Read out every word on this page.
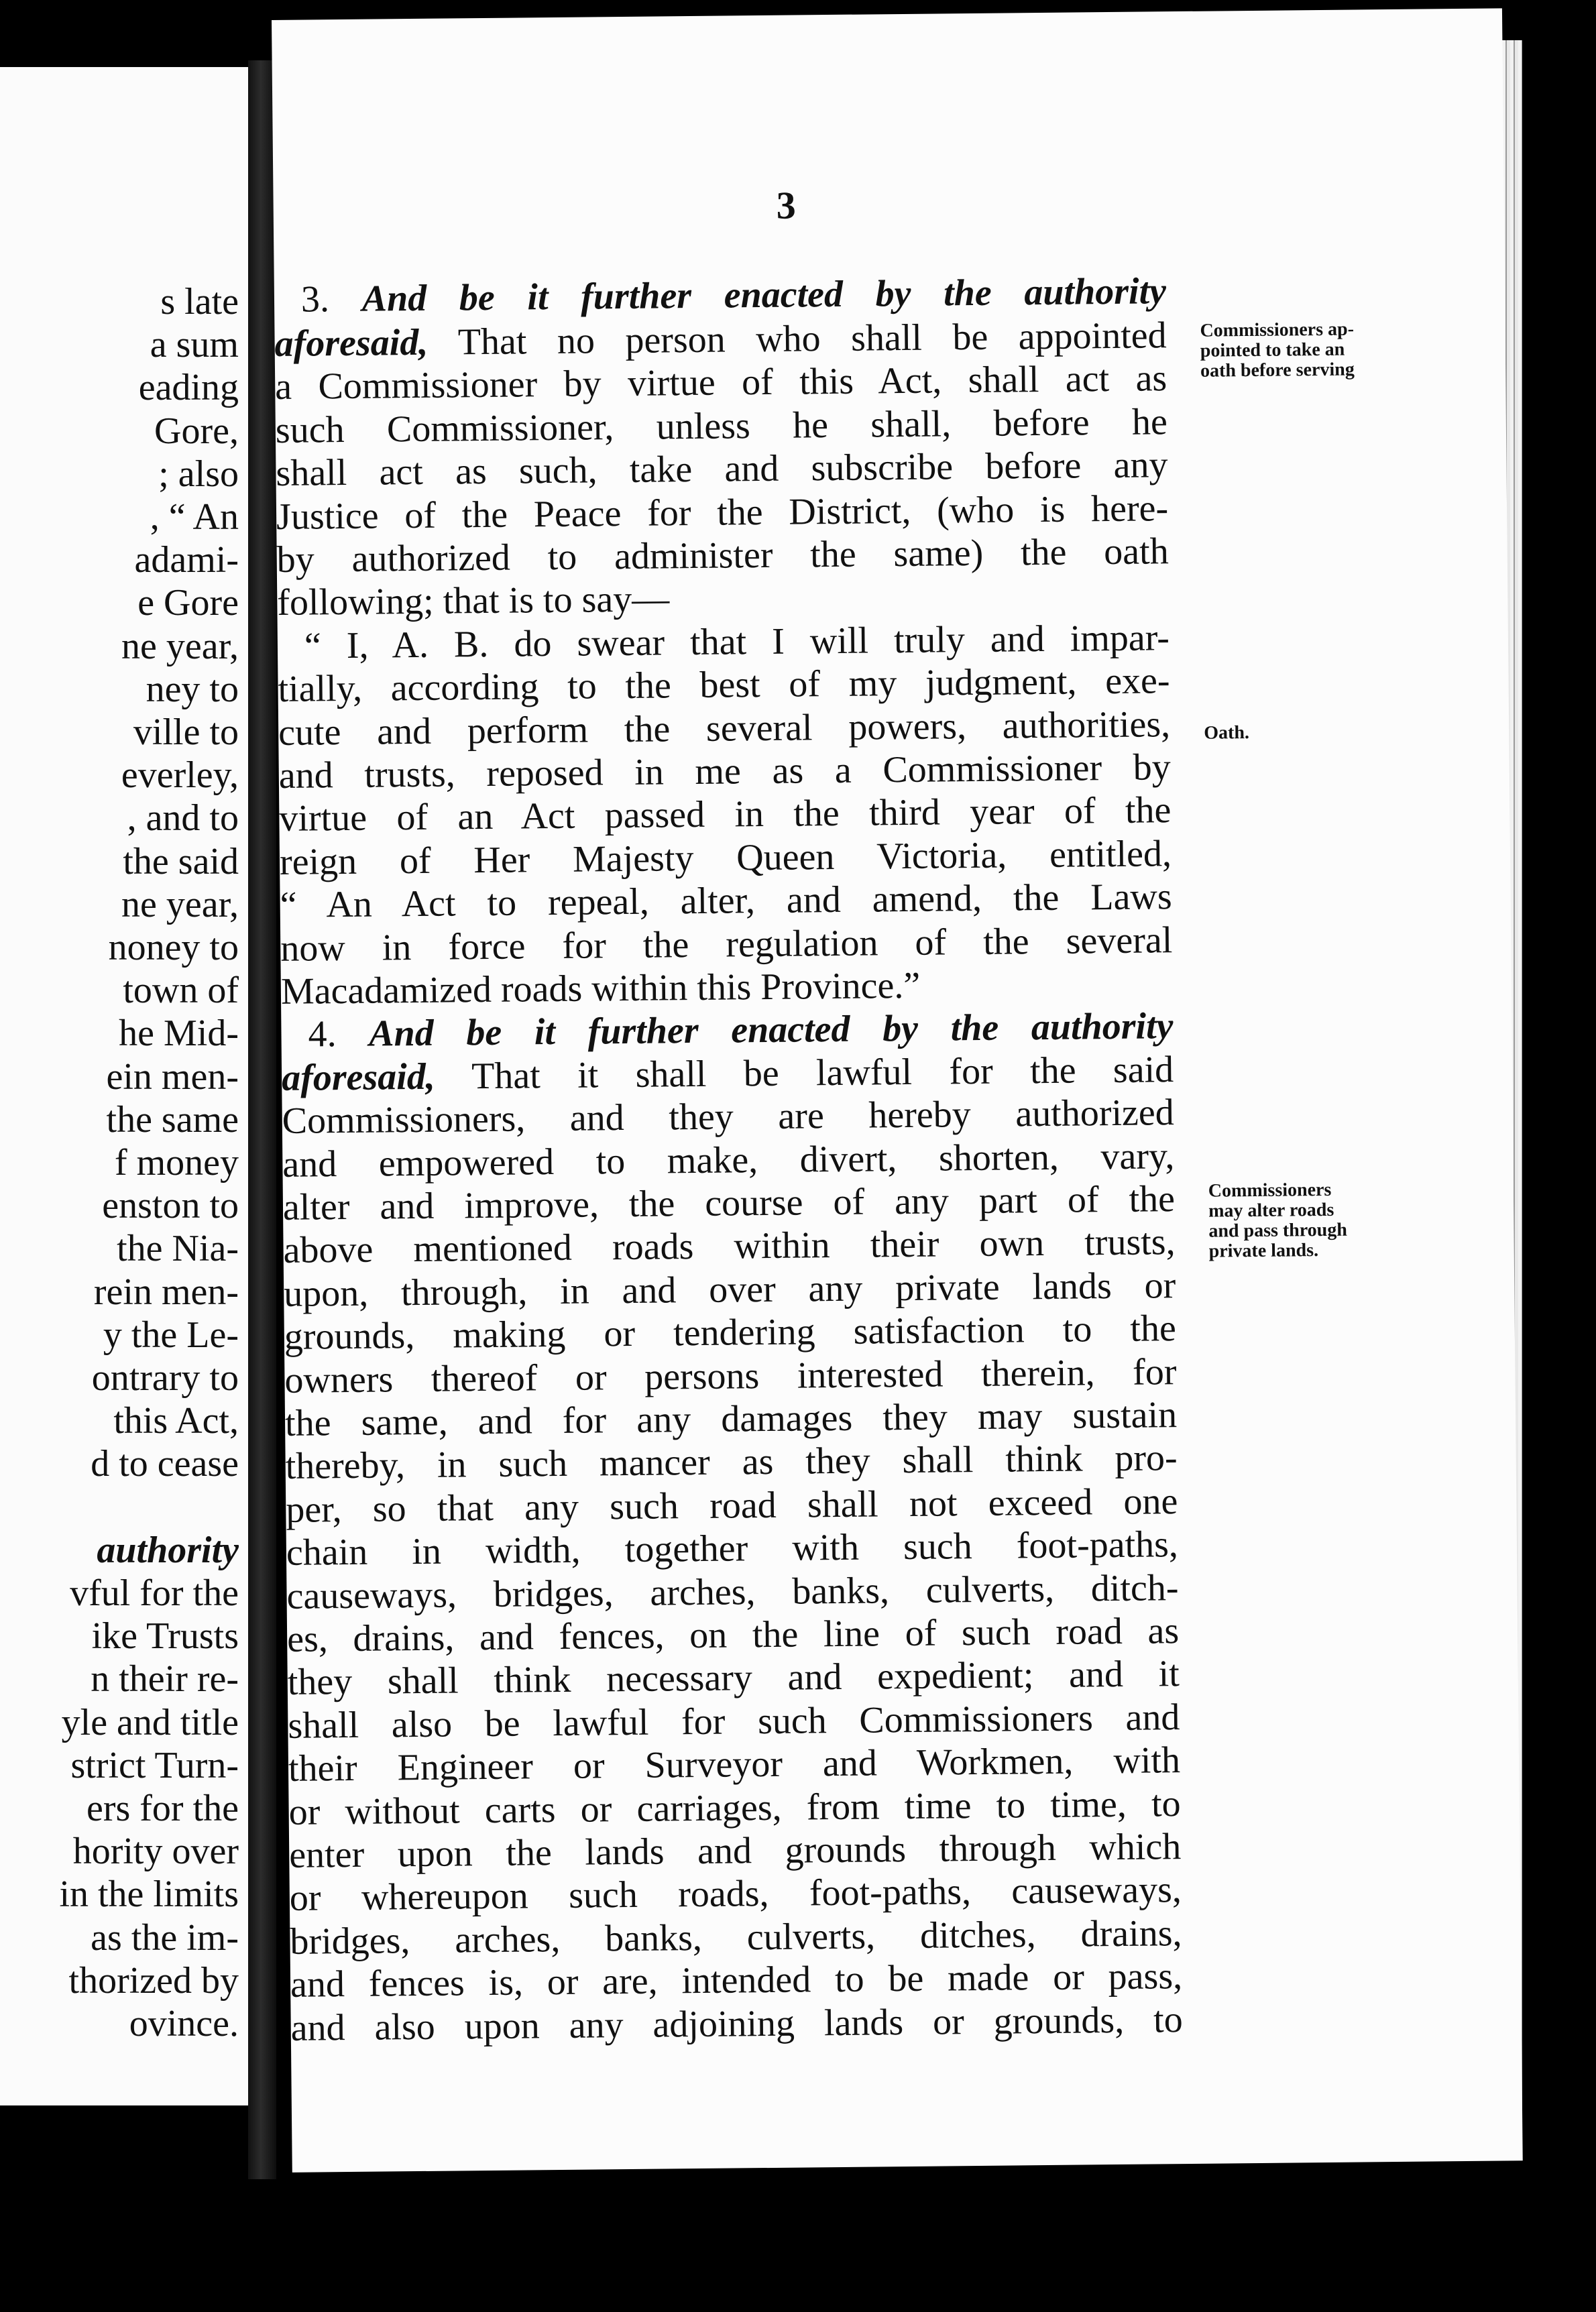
s late
a sum
eading
Gore,
; also
, “ An
adami-
e Gore
ne year,
ney to
ville to
everley,
, and to
the said
ne year,
noney to
town of
he Mid-
ein men-
the same
f money
enston to
the Nia-
rein men-
y the Le-
ontrary to
this Act,
d to cease
authority
vful for the
ike Trusts
n their re-
yle and title
strict Turn-
ers for the
hority over
in the limits
as the im-
thorized by
ovince.
3
3. And be it further enacted by the authority
aforesaid, That no person who shall be appointed
4. And be it further enacted by the authority
aforesaid, That it shall be lawful for the said
a Commissioner by virtue of this Act, shall act as
such Commissioner, unless he shall, before he
shall act as such, take and subscribe before any
Justice of the Peace for the District, (who is here-
by authorized to administer the same) the oath
following; that is to say—
“ I, A. B. do swear that I will truly and impar-
tially, according to the best of my judgment, exe-
cute and perform the several powers, authorities,
and trusts, reposed in me as a Commissioner by
virtue of an Act passed in the third year of the
reign of Her Majesty Queen Victoria, entitled,
“ An Act to repeal, alter, and amend, the Laws
now in force for the regulation of the several
Macadamized roads within this Province.”
Commissioners, and they are hereby authorized
and empowered to make, divert, shorten, vary,
alter and improve, the course of any part of the
above mentioned roads within their own trusts,
upon, through, in and over any private lands or
grounds, making or tendering satisfaction to the
owners thereof or persons interested therein, for
the same, and for any damages they may sustain
thereby, in such mancer as they shall think pro-
per, so that any such road shall not exceed one
chain in width, together with such foot-paths,
causeways, bridges, arches, banks, culverts, ditch-
es, drains, and fences, on the line of such road as
they shall think necessary and expedient; and it
shall also be lawful for such Commissioners and
their Engineer or Surveyor and Workmen, with
or without carts or carriages, from time to time, to
enter upon the lands and grounds through which
or whereupon such roads, foot-paths, causeways,
bridges, arches, banks, culverts, ditches, drains,
and fences is, or are, intended to be made or pass,
and also upon any adjoining lands or grounds, to
Commissioners ap-
pointed to take an
oath before serving
Oath.
Commissioners
may alter roads
and pass through
private lands.
